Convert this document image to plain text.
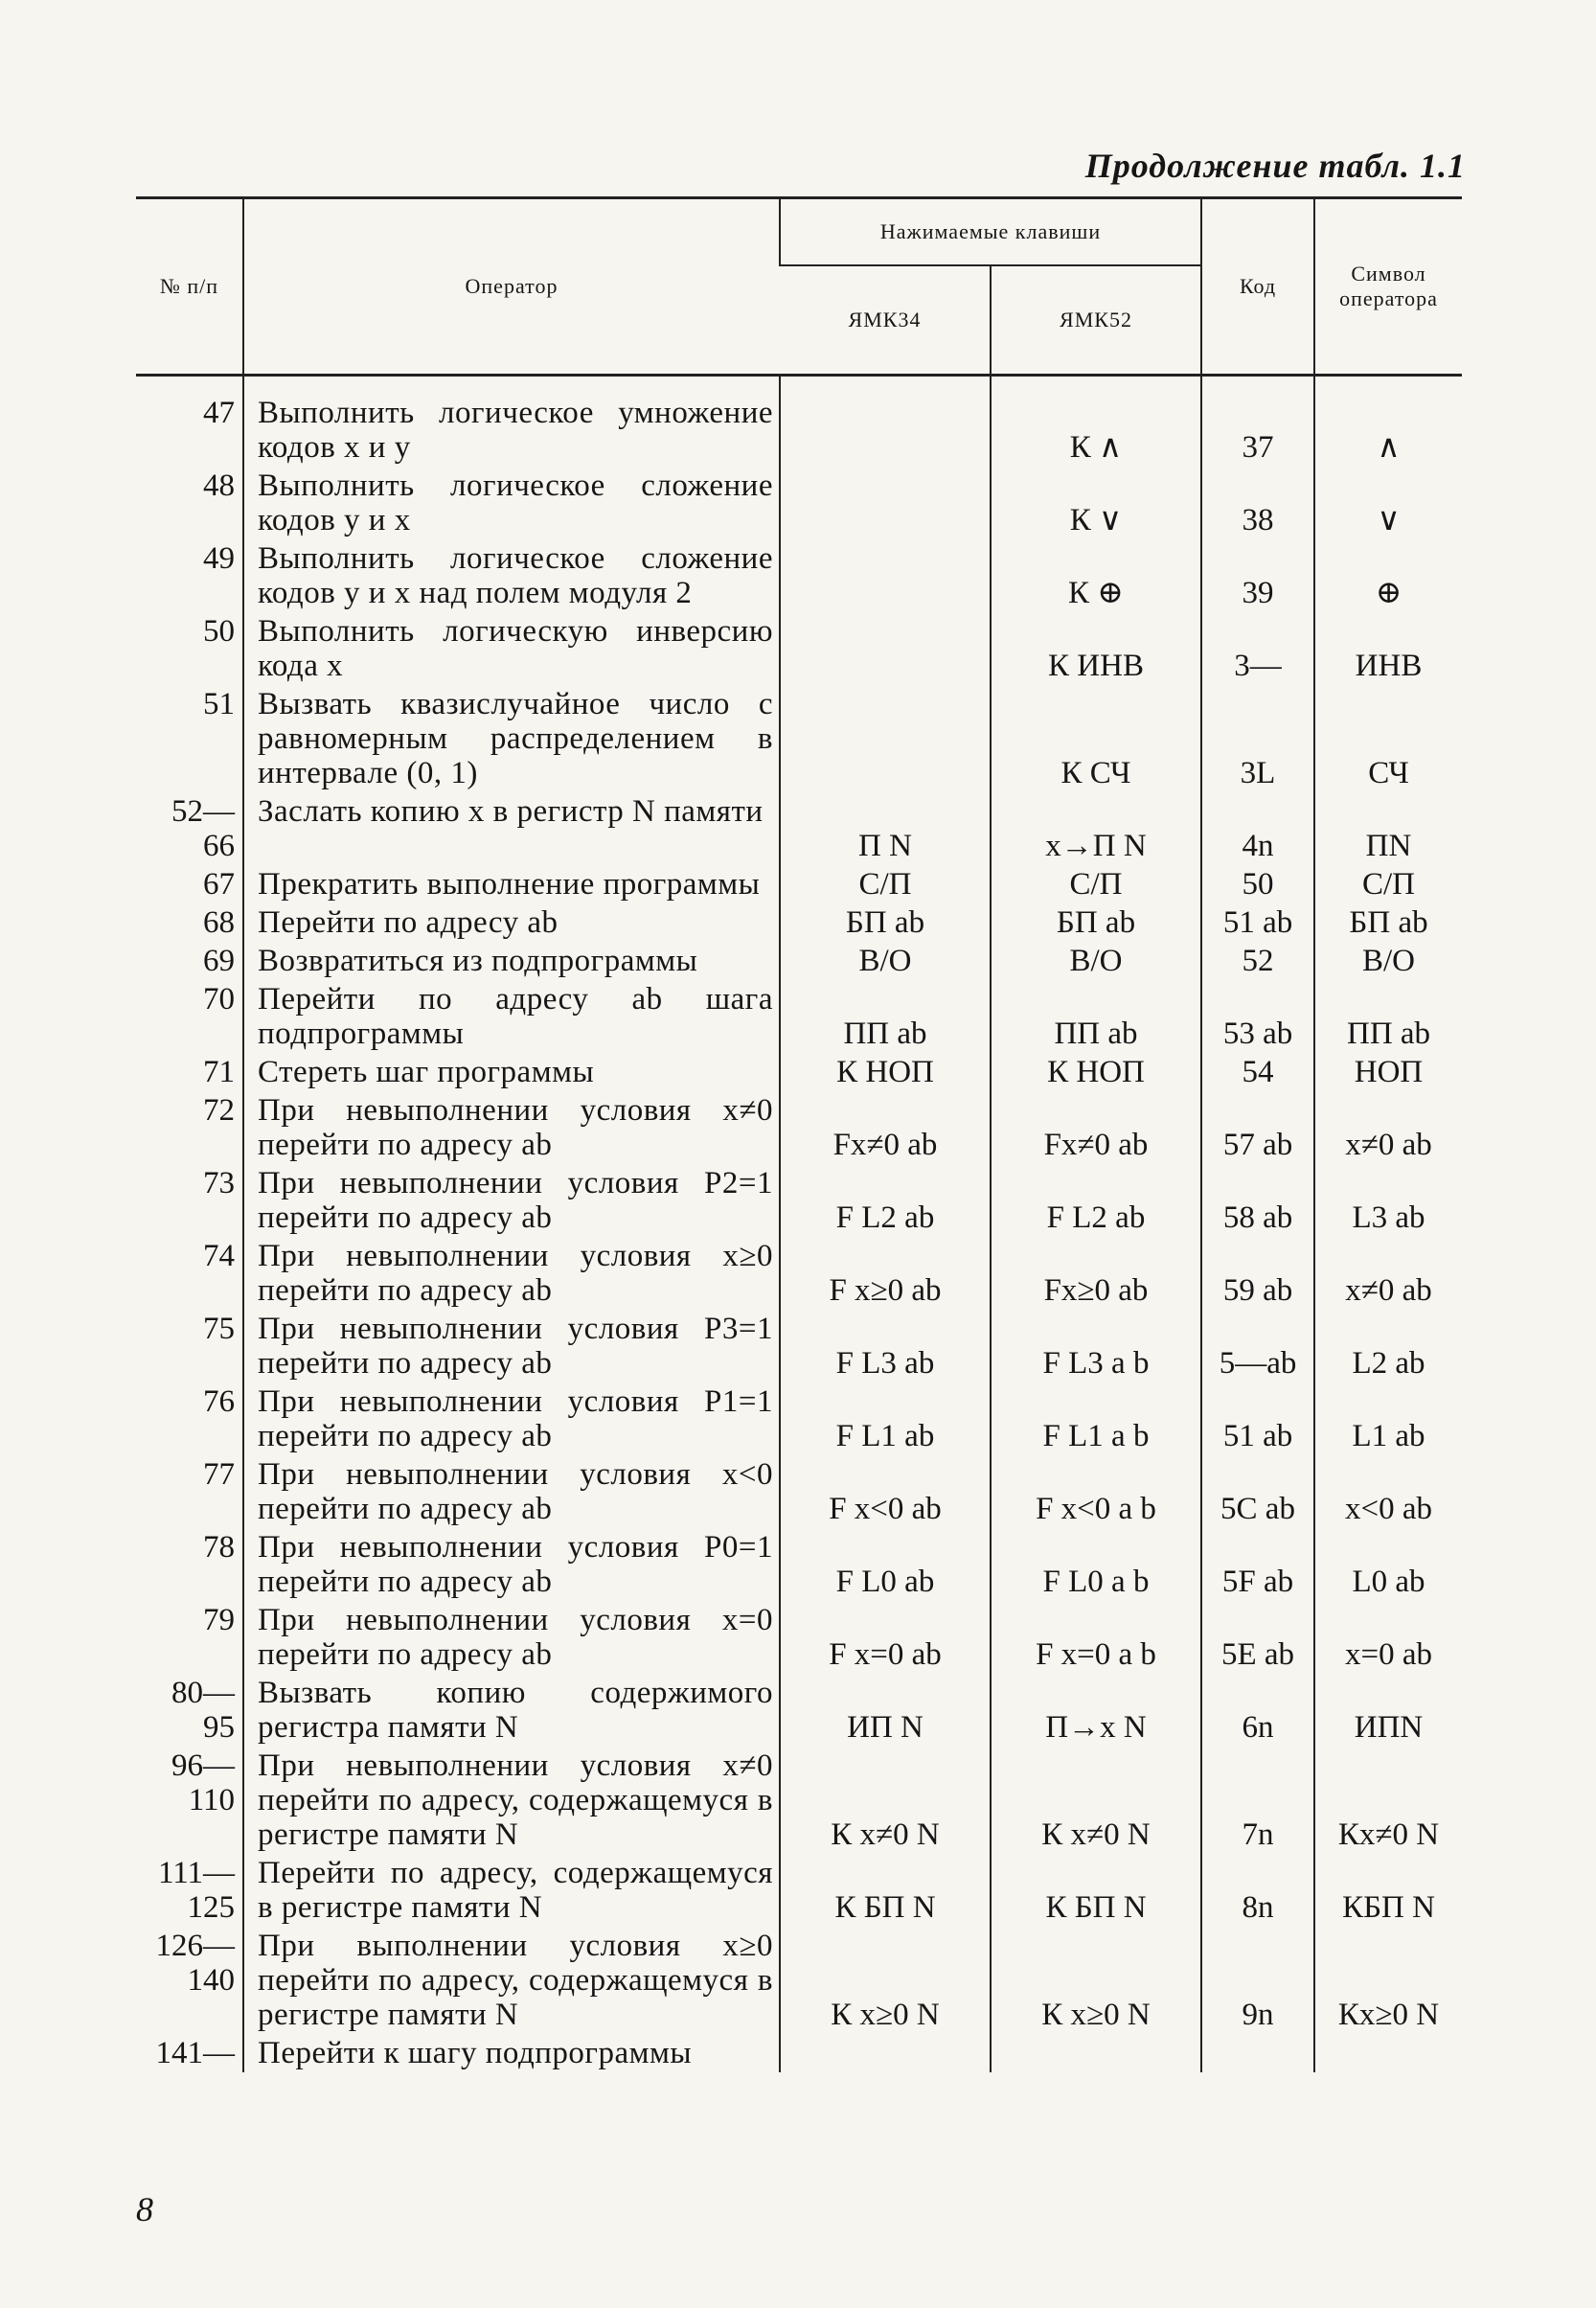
Продолжение табл. 1.1
№ п/п	Оператор	Нажимаемые клавиши		Код	Символ оператора
		ЯМК34	ЯМК52		

47	Выполнить логическое умножение кодов x и y		К ∧	37	∧
48	Выполнить логическое сложение кодов y и x		К ∨	38	∨
49	Выполнить логическое сложение кодов y и x над полем модуля 2		К ⊕	39	⊕
50	Выполнить логическую инверсию кода x		К ИНВ	3—	ИНВ
51	Вызвать квазислучайное число с равномерным распределением в интервале (0, 1)		К СЧ	3L	СЧ
52—66	Заслать копию x в регистр N памяти	П N	x→П N	4n	ПN
67	Прекратить выполнение программы	С/П	С/П	50	С/П
68	Перейти по адресу ab	БП ab	БП ab	51 ab	БП ab
69	Возвратиться из подпрограммы	В/О	В/О	52	В/О
70	Перейти по адресу ab шага подпрограммы	ПП ab	ПП ab	53 ab	ПП ab
71	Стереть шаг программы	К НОП	К НОП	54	НОП
72	При невыполнении условия x≠0 перейти по адресу ab	Fx≠0 ab	Fx≠0 ab	57 ab	x≠0 ab
73	При невыполнении условия P2=1 перейти по адресу ab	F L2 ab	F L2 ab	58 ab	L3 ab
74	При невыполнении условия x≥0 перейти по адресу ab	F x≥0 ab	Fx≥0 ab	59 ab	x≠0 ab
75	При невыполнении условия P3=1 перейти по адресу ab	F L3 ab	F L3 a b	5—ab	L2 ab
76	При невыполнении условия P1=1 перейти по адресу ab	F L1 ab	F L1 a b	51 ab	L1 ab
77	При невыполнении условия x<0 перейти по адресу ab	F x<0 ab	F x<0 a b	5C ab	x<0 ab
78	При невыполнении условия P0=1 перейти по адресу ab	F L0 ab	F L0 a b	5F ab	L0 ab
79	При невыполнении условия x=0 перейти по адресу ab	F x=0 ab	F x=0 a b	5E ab	x=0 ab
80—95	Вызвать копию содержимого регистра памяти N	ИП N	П→x N	6n	ИПN
96—110	При невыполнении условия x≠0 перейти по адресу, содержащемуся в регистре памяти N	К x≠0 N	К x≠0 N	7n	Кx≠0 N
111—125	Перейти по адресу, содержащемуся в регистре памяти N	К БП N	К БП N	8n	КБП N
126—140	При выполнении условия x≥0 перейти по адресу, содержащемуся в регистре памяти N	К x≥0 N	К x≥0 N	9n	Кx≥0 N
141—	Перейти к шагу подпрограммы				
8
